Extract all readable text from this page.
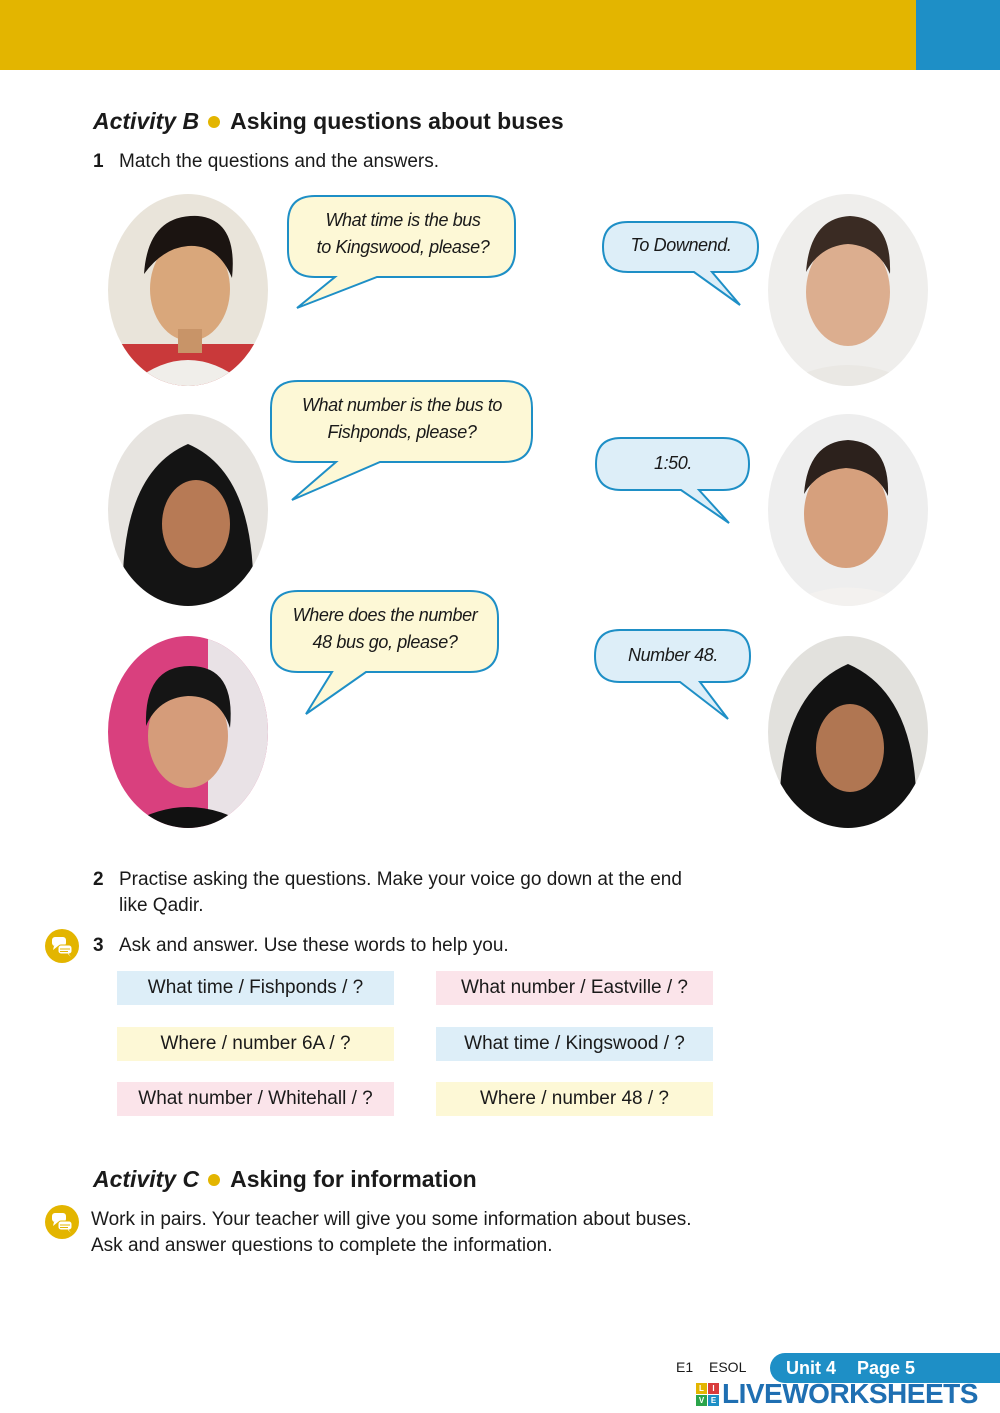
Activity B Asking questions about buses
1 Match the questions and the answers.
What time is the bus
to Kingswood, please?
What number is the bus to
Fishponds, please?
Where does the number
48 bus go, please?
To Downend.
1:50.
Number 48.
2 Practise asking the questions. Make your voice go down at the end
like Qadir.
3 Ask and answer. Use these words to help you.
What time / Fishponds / ?	What number / Eastville / ?
Where / number 6A / ?	What time / Kingswood / ?
What number / Whitehall / ?	Where / number 48 / ?
Activity C Asking for information
Work in pairs. Your teacher will give you some information about buses.
Ask and answer questions to complete the information.
E1 ESOL	Unit 4 Page 5
L	I
V E LIVEWORKSHEETS
